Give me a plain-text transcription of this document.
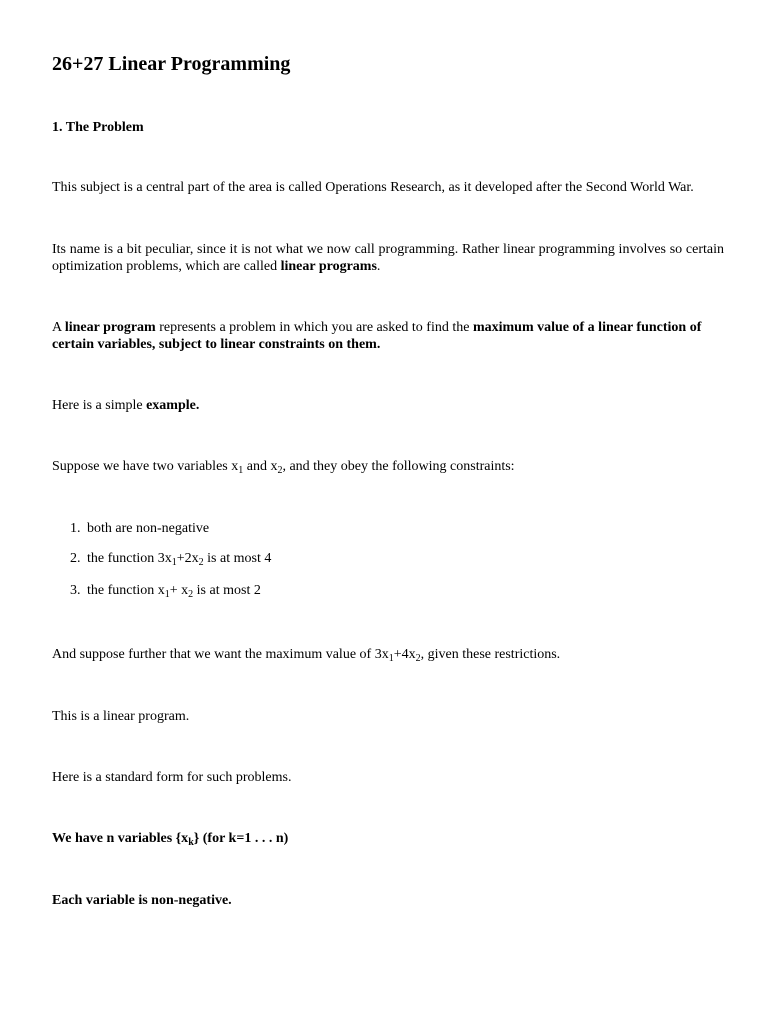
26+27 Linear Programming

1. The Problem

This subject is a central part of the area is called Operations Research, as it developed after the Second World War.

Its name is a bit peculiar, since it is not what we now call programming. Rather linear programming involves so certain optimization problems, which are called linear programs.

A linear program represents a problem in which you are asked to find the maximum value of a linear function of certain variables, subject to linear constraints on them.

Here is a simple example.

Suppose we have two variables $x_1$ and $x_2$, and they obey the following constraints:

1. both are non-negative
2. the function $3x_1+2x_2$ is at most 4
3. the function $x_1+ x_2$ is at most 2

And suppose further that we want the maximum value of $3x_1+4x_2$, given these restrictions.

This is a linear program.

Here is a standard form for such problems.

We have n variables $\{x_k\}$ (for k=1 . . . n)

Each variable is non-negative.
